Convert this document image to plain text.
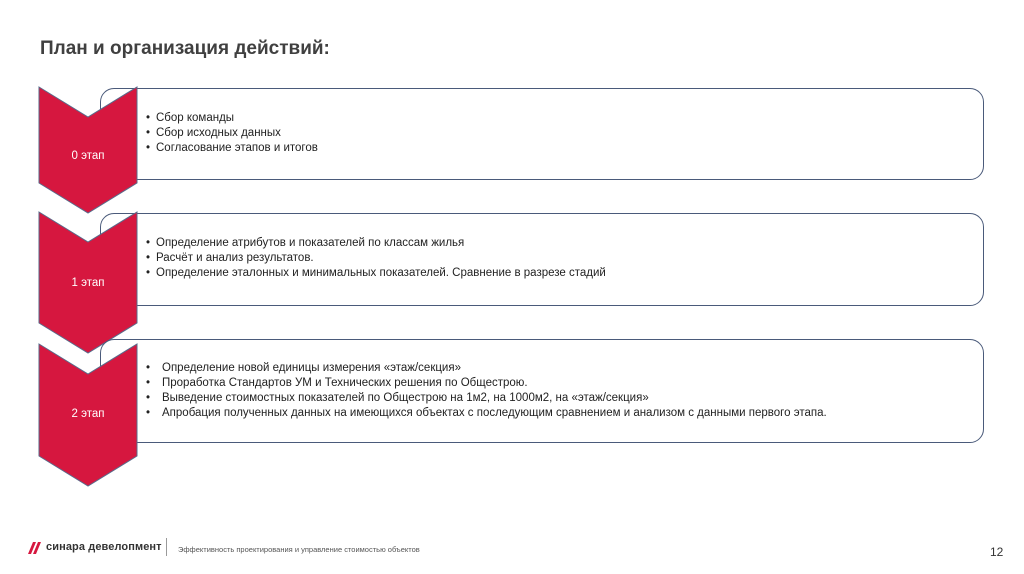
План и организация действий:
• Сбор команды
• Сбор исходных данных
• Согласование этапов и итогов
0 этап
• Определение атрибутов и показателей по классам жилья
• Расчёт и анализ результатов.
• Определение эталонных и минимальных показателей. Сравнение в разрезе стадий
1 этап
• Определение новой единицы измерения «этаж/секция»
• Проработка Стандартов УМ и Технических решения по Общестрою.
• Выведение стоимостных показателей по Общестрою на 1м2, на 1000м2, на «этаж/секция»
• Апробация полученных данных на имеющихся объектах с последующим сравнением и анализом с данными первого этапа.
2 этап
синара девелопмент Эффективность проектирования и управление стоимостью объектов	12
